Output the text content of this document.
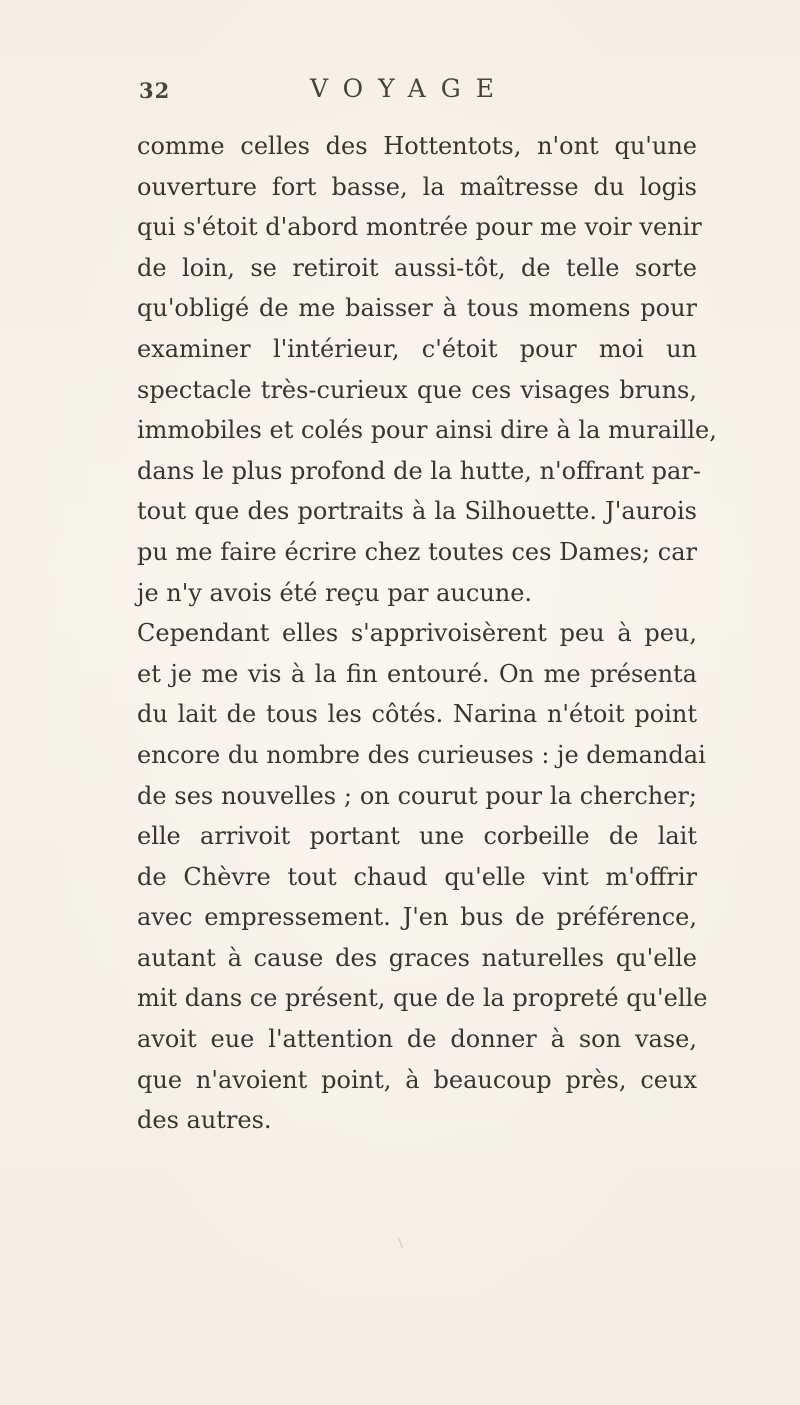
32	VOYAGE
comme celles des Hottentots, n'ont qu'une
ouverture fort basse, la maîtresse du logis
qui s'étoit d'abord montrée pour me voir venir
de loin, se retiroit aussi-tôt, de telle sorte
qu'obligé de me baisser à tous momens pour
examiner l'intérieur, c'étoit pour moi un
spectacle très-curieux que ces visages bruns,
immobiles et colés pour ainsi dire à la muraille,
dans le plus profond de la hutte, n'offrant par-
tout que des portraits à la Silhouette. J'aurois
pu me faire écrire chez toutes ces Dames; car
je n'y avois été reçu par aucune.
Cependant elles s'apprivoisèrent peu à peu,
et je me vis à la fin entouré. On me présenta
du lait de tous les côtés. Narina n'étoit point
encore du nombre des curieuses : je demandai
de ses nouvelles ; on courut pour la chercher;
elle arrivoit portant une corbeille de lait
de Chèvre tout chaud qu'elle vint m'offrir
avec empressement. J'en bus de préférence,
autant à cause des graces naturelles qu'elle
mit dans ce présent, que de la propreté qu'elle
avoit eue l'attention de donner à son vase,
que n'avoient point, à beaucoup près, ceux
des autres.
